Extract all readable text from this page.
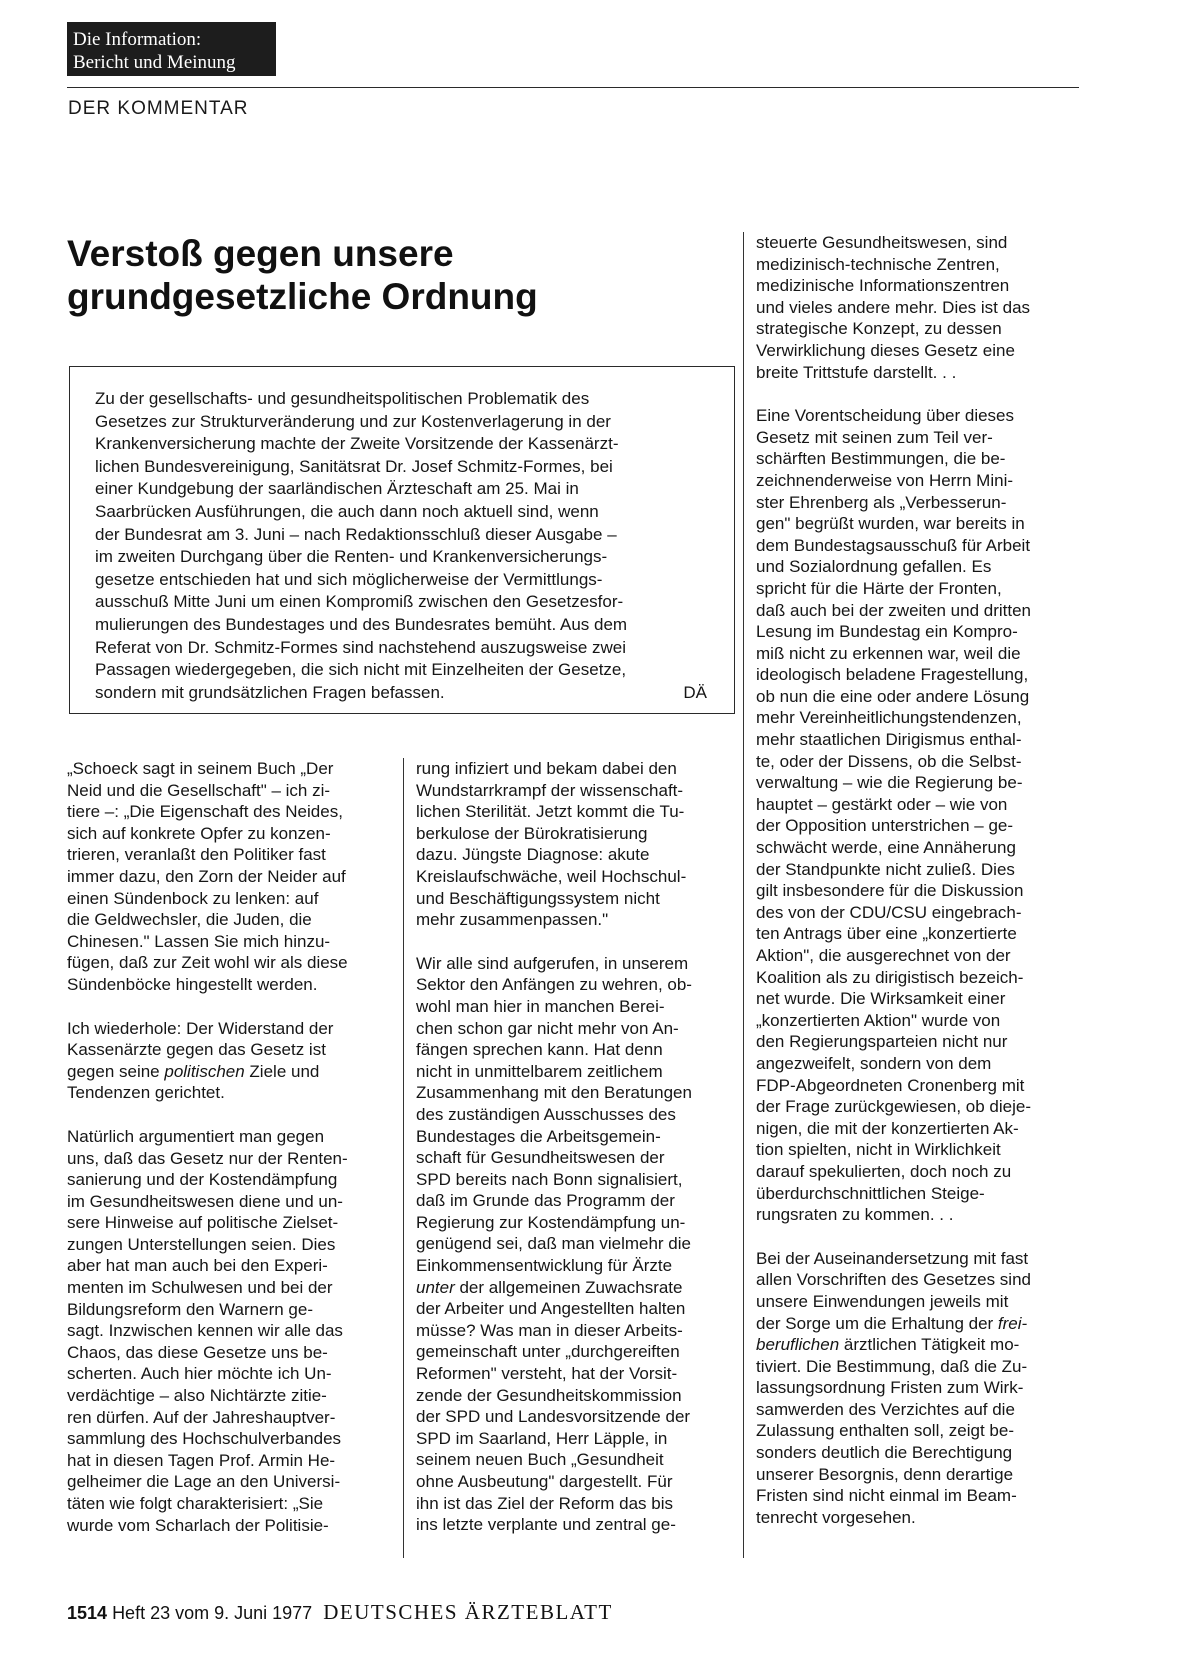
Die Information:
Bericht und Meinung
DER KOMMENTAR
Verstoß gegen unsere
grundgesetzliche Ordnung
Zu der gesellschafts- und gesundheitspolitischen Problematik des
Gesetzes zur Strukturveränderung und zur Kostenverlagerung in der
Krankenversicherung machte der Zweite Vorsitzende der Kassenärzt-
lichen Bundesvereinigung, Sanitätsrat Dr. Josef Schmitz-Formes, bei
einer Kundgebung der saarländischen Ärzteschaft am 25. Mai in
Saarbrücken Ausführungen, die auch dann noch aktuell sind, wenn
der Bundesrat am 3. Juni – nach Redaktionsschluß dieser Ausgabe –
im zweiten Durchgang über die Renten- und Krankenversicherungs-
gesetze entschieden hat und sich möglicherweise der Vermittlungs-
ausschuß Mitte Juni um einen Kompromiß zwischen den Gesetzesfor-
mulierungen des Bundestages und des Bundesrates bemüht. Aus dem
Referat von Dr. Schmitz-Formes sind nachstehend auszugsweise zwei
Passagen wiedergegeben, die sich nicht mit Einzelheiten der Gesetze,
sondern mit grundsätzlichen Fragen befassen.	DÄ

„Schoeck sagt in seinem Buch „Der
Neid und die Gesellschaft" – ich zi-
tiere –: „Die Eigenschaft des Neides,
sich auf konkrete Opfer zu konzen-
trieren, veranlaßt den Politiker fast
immer dazu, den Zorn der Neider auf
einen Sündenbock zu lenken: auf
die Geldwechsler, die Juden, die
Chinesen." Lassen Sie mich hinzu-
fügen, daß zur Zeit wohl wir als diese
Sündenböcke hingestellt werden.

Ich wiederhole: Der Widerstand der
Kassenärzte gegen das Gesetz ist
gegen seine politischen Ziele und
Tendenzen gerichtet.

Natürlich argumentiert man gegen
uns, daß das Gesetz nur der Renten-
sanierung und der Kostendämpfung
im Gesundheitswesen diene und un-
sere Hinweise auf politische Zielset-
zungen Unterstellungen seien. Dies
aber hat man auch bei den Experi-
menten im Schulwesen und bei der
Bildungsreform den Warnern ge-
sagt. Inzwischen kennen wir alle das
Chaos, das diese Gesetze uns be-
scherten. Auch hier möchte ich Un-
verdächtige – also Nichtärzte zitie-
ren dürfen. Auf der Jahreshauptver-
sammlung des Hochschulverbandes
hat in diesen Tagen Prof. Armin He-
gelheimer die Lage an den Universi-
täten wie folgt charakterisiert: „Sie
wurde vom Scharlach der Politisie-

rung infiziert und bekam dabei den
Wundstarrkrampf der wissenschaft-
lichen Sterilität. Jetzt kommt die Tu-
berkulose der Bürokratisierung
dazu. Jüngste Diagnose: akute
Kreislaufschwäche, weil Hochschul-
und Beschäftigungssystem nicht
mehr zusammenpassen."

Wir alle sind aufgerufen, in unserem
Sektor den Anfängen zu wehren, ob-
wohl man hier in manchen Berei-
chen schon gar nicht mehr von An-
fängen sprechen kann. Hat denn
nicht in unmittelbarem zeitlichem
Zusammenhang mit den Beratungen
des zuständigen Ausschusses des
Bundestages die Arbeitsgemein-
schaft für Gesundheitswesen der
SPD bereits nach Bonn signalisiert,
daß im Grunde das Programm der
Regierung zur Kostendämpfung un-
genügend sei, daß man vielmehr die
Einkommensentwicklung für Ärzte
unter der allgemeinen Zuwachsrate
der Arbeiter und Angestellten halten
müsse? Was man in dieser Arbeits-
gemeinschaft unter „durchgereiften
Reformen" versteht, hat der Vorsit-
zende der Gesundheitskommission
der SPD und Landesvorsitzende der
SPD im Saarland, Herr Läpple, in
seinem neuen Buch „Gesundheit
ohne Ausbeutung" dargestellt. Für
ihn ist das Ziel der Reform das bis
ins letzte verplante und zentral ge-

steuerte Gesundheitswesen, sind
medizinisch-technische Zentren,
medizinische Informationszentren
und vieles andere mehr. Dies ist das
strategische Konzept, zu dessen
Verwirklichung dieses Gesetz eine
breite Trittstufe darstellt. . .

Eine Vorentscheidung über dieses
Gesetz mit seinen zum Teil ver-
schärften Bestimmungen, die be-
zeichnenderweise von Herrn Mini-
ster Ehrenberg als „Verbesserun-
gen" begrüßt wurden, war bereits in
dem Bundestagsausschuß für Arbeit
und Sozialordnung gefallen. Es
spricht für die Härte der Fronten,
daß auch bei der zweiten und dritten
Lesung im Bundestag ein Kompro-
miß nicht zu erkennen war, weil die
ideologisch beladene Fragestellung,
ob nun die eine oder andere Lösung
mehr Vereinheitlichungstendenzen,
mehr staatlichen Dirigismus enthal-
te, oder der Dissens, ob die Selbst-
verwaltung – wie die Regierung be-
hauptet – gestärkt oder – wie von
der Opposition unterstrichen – ge-
schwächt werde, eine Annäherung
der Standpunkte nicht zuließ. Dies
gilt insbesondere für die Diskussion
des von der CDU/CSU eingebrach-
ten Antrags über eine „konzertierte
Aktion", die ausgerechnet von der
Koalition als zu dirigistisch bezeich-
net wurde. Die Wirksamkeit einer
„konzertierten Aktion" wurde von
den Regierungsparteien nicht nur
angezweifelt, sondern von dem
FDP-Abgeordneten Cronenberg mit
der Frage zurückgewiesen, ob dieje-
nigen, die mit der konzertierten Ak-
tion spielten, nicht in Wirklichkeit
darauf spekulierten, doch noch zu
überdurchschnittlichen Steige-
rungsraten zu kommen. . .

Bei der Auseinandersetzung mit fast
allen Vorschriften des Gesetzes sind
unsere Einwendungen jeweils mit
der Sorge um die Erhaltung der frei-
beruflichen ärztlichen Tätigkeit mo-
tiviert. Die Bestimmung, daß die Zu-
lassungsordnung Fristen zum Wirk-
samwerden des Verzichtes auf die
Zulassung enthalten soll, zeigt be-
sonders deutlich die Berechtigung
unserer Besorgnis, denn derartige
Fristen sind nicht einmal im Beam-
tenrecht vorgesehen.

1514 Heft 23 vom 9. Juni 1977 DEUTSCHES ÄRZTEBLATT
